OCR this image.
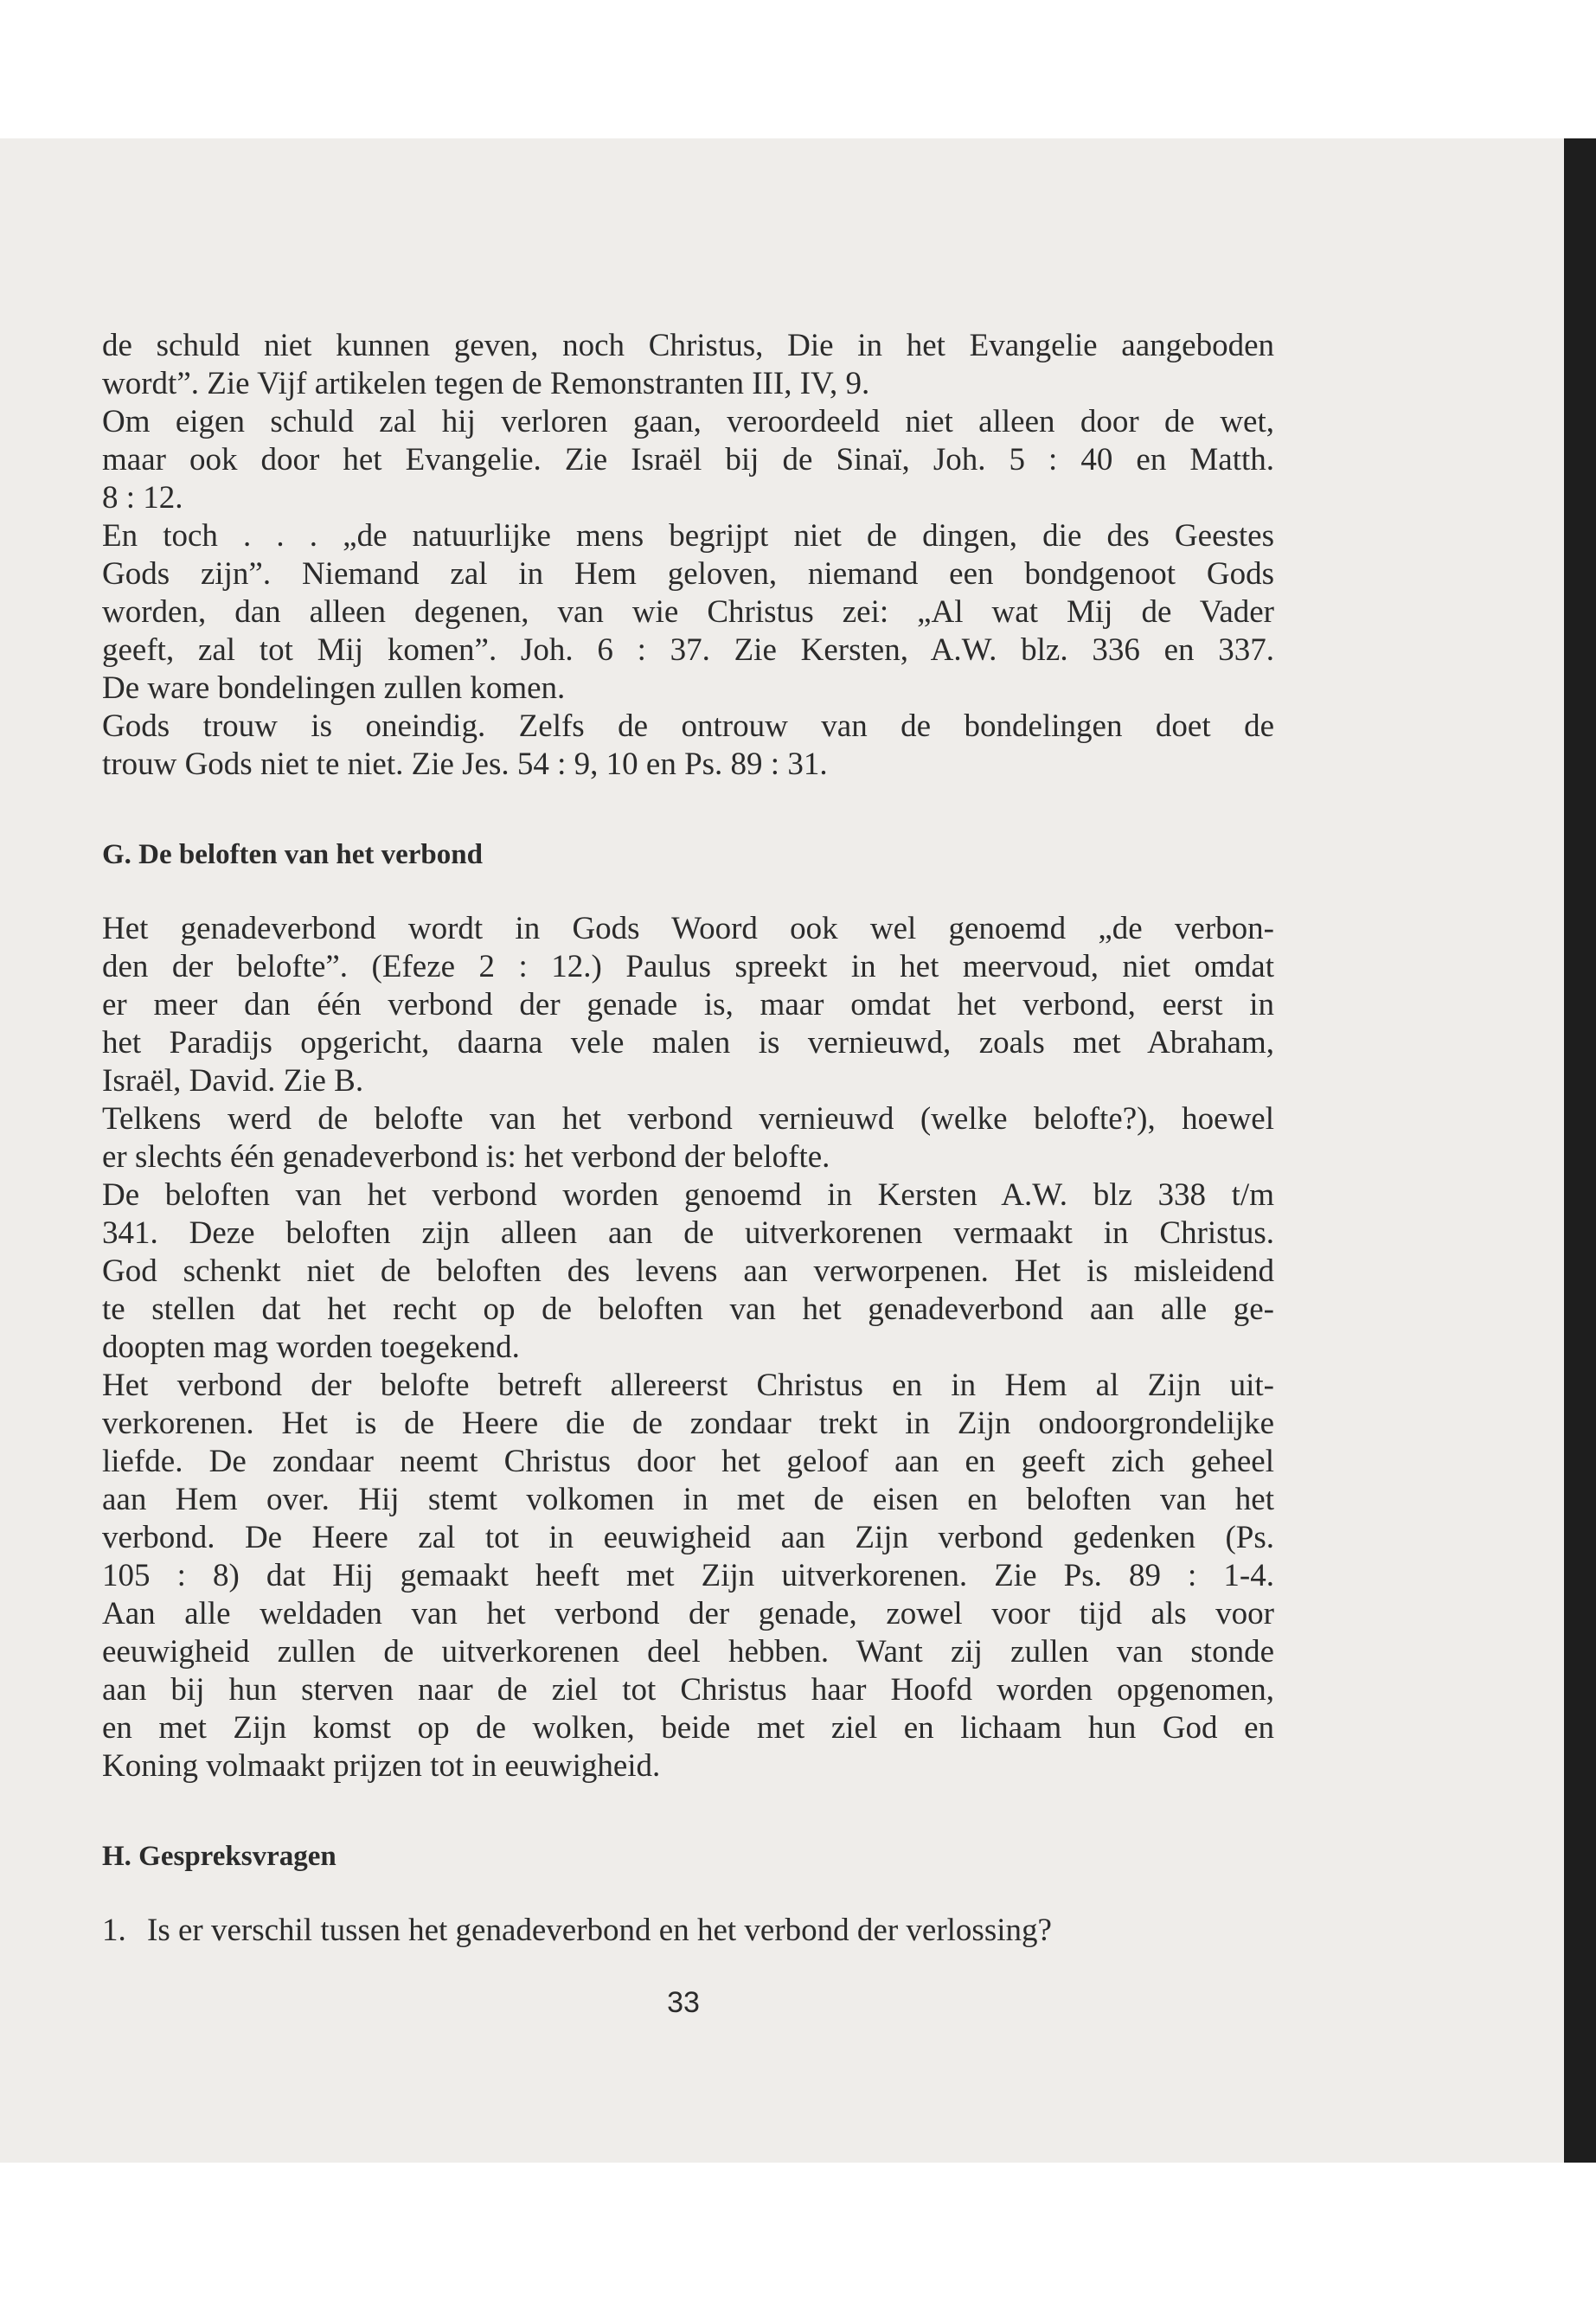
de schuld niet kunnen geven, noch Christus, Die in het Evangelie aangeboden
wordt”. Zie Vijf artikelen tegen de Remonstranten III, IV, 9.
Om eigen schuld zal hij verloren gaan, veroordeeld niet alleen door de wet,
maar ook door het Evangelie. Zie Israël bij de Sinaï, Joh. 5 : 40 en Matth.
8 : 12.
En toch . . . „de natuurlijke mens begrijpt niet de dingen, die des Geestes
Gods zijn”. Niemand zal in Hem geloven, niemand een bondgenoot Gods
worden, dan alleen degenen, van wie Christus zei: „Al wat Mij de Vader
geeft, zal tot Mij komen”. Joh. 6 : 37. Zie Kersten, A.W. blz. 336 en 337.
De ware bondelingen zullen komen.
Gods trouw is oneindig. Zelfs de ontrouw van de bondelingen doet de
trouw Gods niet te niet. Zie Jes. 54 : 9, 10 en Ps. 89 : 31.
G. De beloften van het verbond
Het genadeverbond wordt in Gods Woord ook wel genoemd „de verbon-
den der belofte”. (Efeze 2 : 12.) Paulus spreekt in het meervoud, niet omdat
er meer dan één verbond der genade is, maar omdat het verbond, eerst in
het Paradijs opgericht, daarna vele malen is vernieuwd, zoals met Abraham,
Israël, David. Zie B.
Telkens werd de belofte van het verbond vernieuwd (welke belofte?), hoewel
er slechts één genadeverbond is: het verbond der belofte.
De beloften van het verbond worden genoemd in Kersten A.W. blz 338 t/m
341. Deze beloften zijn alleen aan de uitverkorenen vermaakt in Christus.
God schenkt niet de beloften des levens aan verworpenen. Het is misleidend
te stellen dat het recht op de beloften van het genadeverbond aan alle ge-
doopten mag worden toegekend.
Het verbond der belofte betreft allereerst Christus en in Hem al Zijn uit-
verkorenen. Het is de Heere die de zondaar trekt in Zijn ondoorgrondelijke
liefde. De zondaar neemt Christus door het geloof aan en geeft zich geheel
aan Hem over. Hij stemt volkomen in met de eisen en beloften van het
verbond. De Heere zal tot in eeuwigheid aan Zijn verbond gedenken (Ps.
105 : 8) dat Hij gemaakt heeft met Zijn uitverkorenen. Zie Ps. 89 : 1-4.
Aan alle weldaden van het verbond der genade, zowel voor tijd als voor
eeuwigheid zullen de uitverkorenen deel hebben. Want zij zullen van stonde
aan bij hun sterven naar de ziel tot Christus haar Hoofd worden opgenomen,
en met Zijn komst op de wolken, beide met ziel en lichaam hun God en
Koning volmaakt prijzen tot in eeuwigheid.
H. Gespreksvragen
1. Is er verschil tussen het genadeverbond en het verbond der verlossing?
33
